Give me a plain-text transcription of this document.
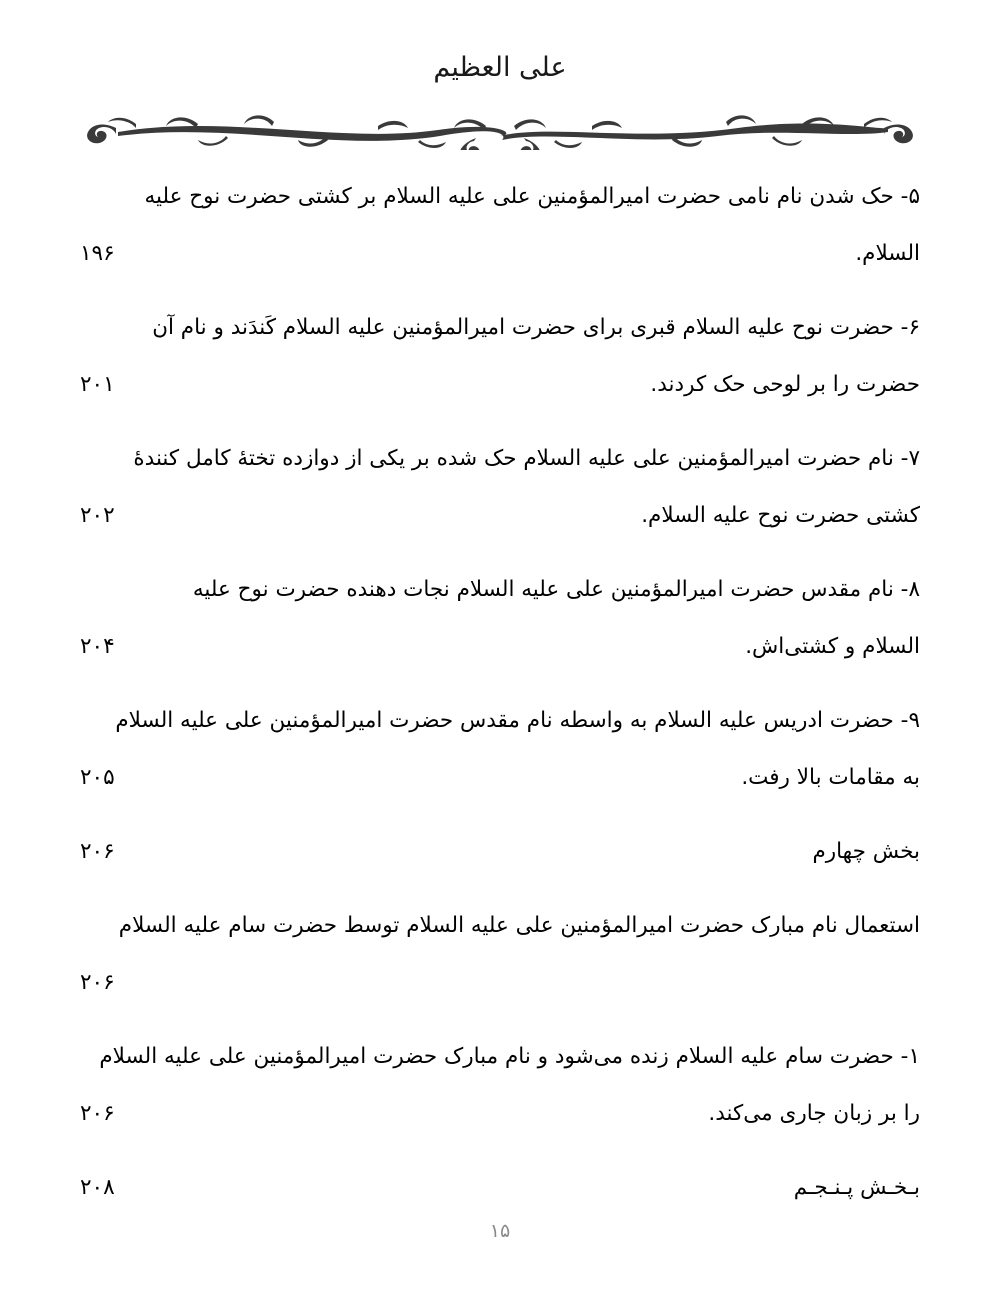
علی العظیم
۵- حک شدن نام نامی حضرت امیرالمؤمنین علی علیه السلام بر کشتی حضرت نوح علیه
السلام.
.....
۱۹۶
۶- حضرت نوح علیه السلام قبری برای حضرت امیرالمؤمنین علیه السلام کَندَند و نام آن
حضرت را بر لوحی حک کردند.
.....
۲۰۱
۷- نام حضرت امیرالمؤمنین علی علیه السلام حک شده بر یکی از دوازده تختهٔ کامل کنندهٔ
کشتی حضرت نوح علیه السلام.
.....
۲۰۲
۸- نام مقدس حضرت امیرالمؤمنین علی علیه السلام نجات دهنده حضرت نوح علیه
السلام و کشتی‌اش.
.....
۲۰۴
۹- حضرت ادریس علیه السلام به واسطه نام مقدس حضرت امیرالمؤمنین علی علیه السلام
به مقامات بالا رفت.
.....
۲۰۵
بخش چهارم
.....
۲۰۶
استعمال نام مبارک حضرت امیرالمؤمنین علی علیه السلام توسط حضرت سام علیه السلام
.....
۲۰۶
۱- حضرت سام علیه السلام زنده می‌شود و نام مبارک حضرت امیرالمؤمنین علی علیه السلام
را بر زبان جاری می‌کند.
.....
۲۰۶
بـخـش پـنـجـم
.....
۲۰۸
۱۵
